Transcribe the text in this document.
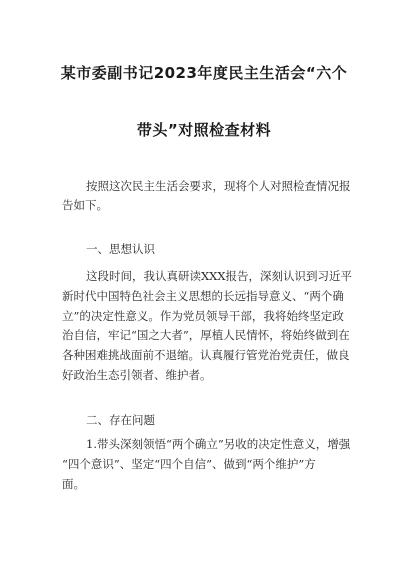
某市委副书记2023年度民主生活会“六个
带头”对照检查材料
按照这次民主生活会要求，现将个人对照检查情况报
告如下。
一、思想认识
这段时间，我认真研读XXX报告，深刻认识到习近平
新时代中国特色社会主义思想的长远指导意义、“两个确
立”的决定性意义。作为党员领导干部，我将始终坚定政
治自信，牢记“国之大者”，厚植人民情怀，将始终做到在
各种困难挑战面前不退缩。认真履行管党治党责任，做良
好政治生态引领者、维护者。
二、存在问题
1.带头深刻领悟“两个确立”另收的决定性意义，增强
“四个意识”、坚定“四个自信”、做到“两个维护”方
面。
